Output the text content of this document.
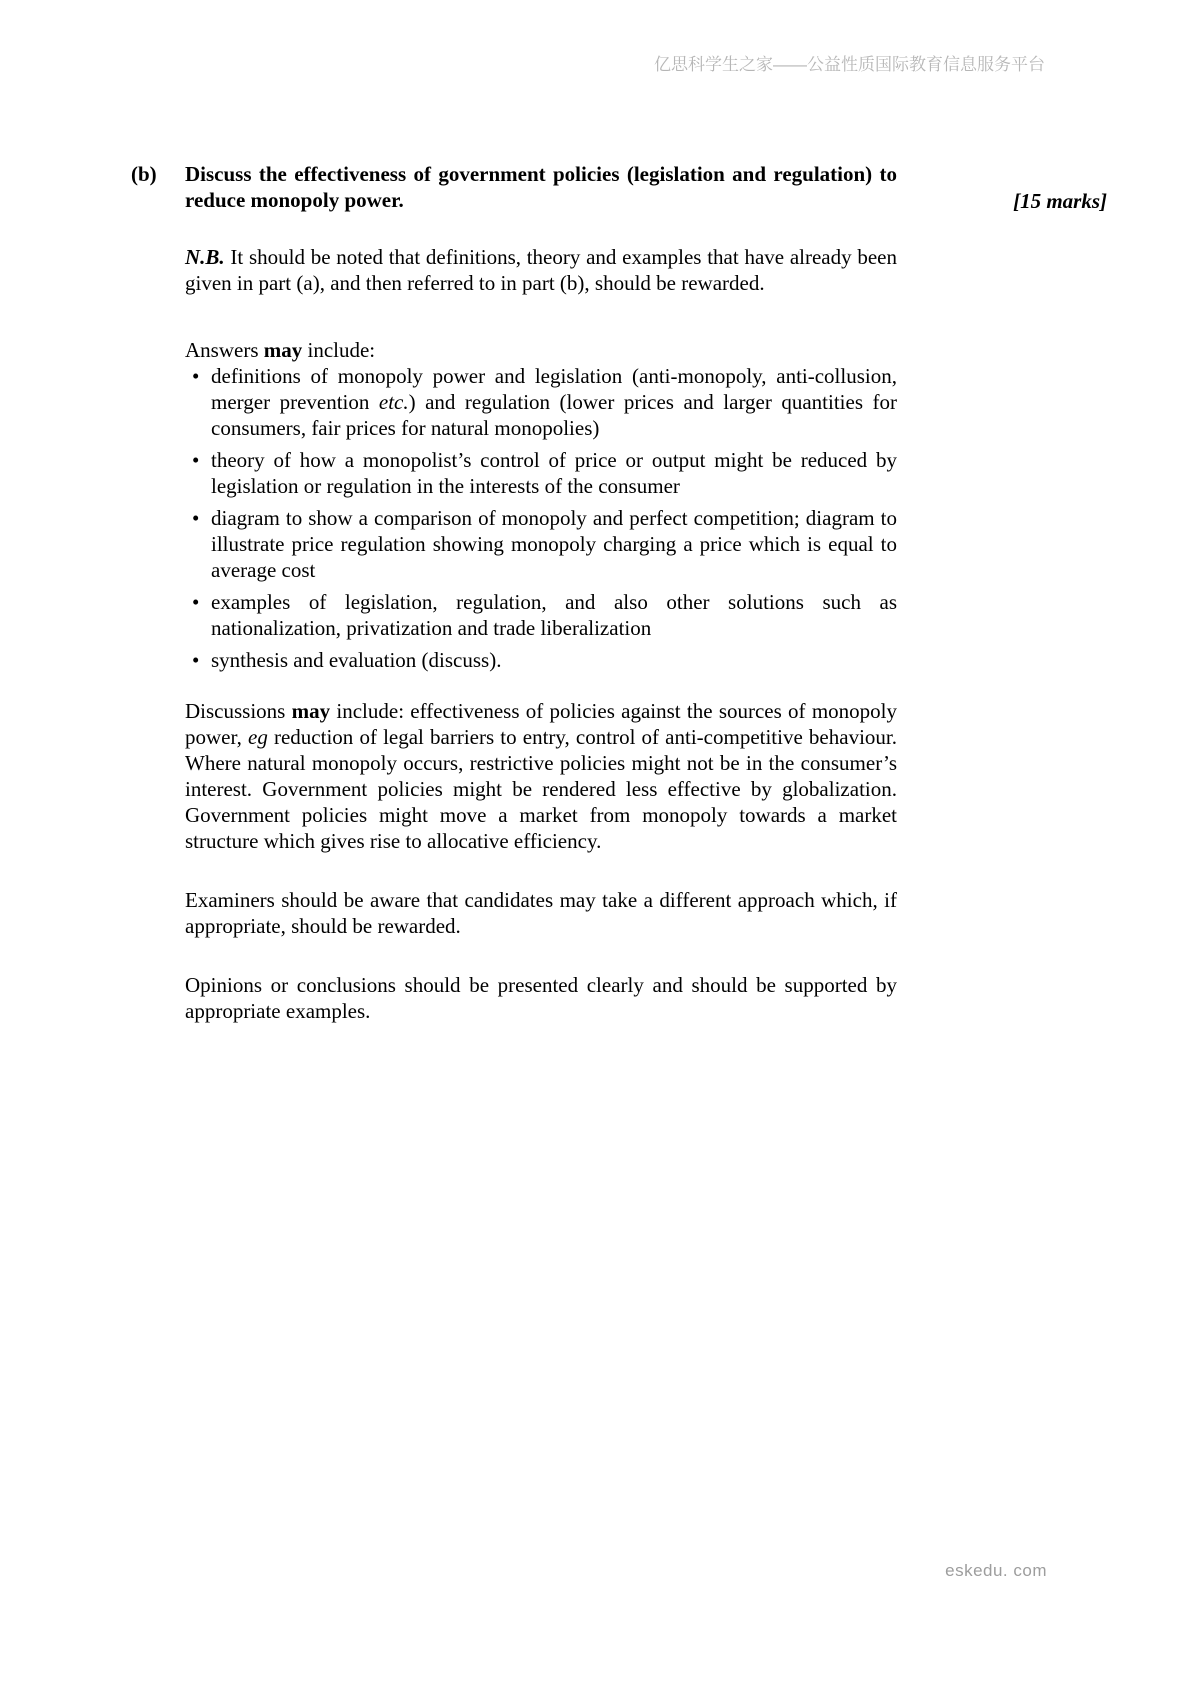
亿思科学生之家——公益性质国际教育信息服务平台
(b) Discuss the effectiveness of government policies (legislation and regulation) to reduce monopoly power.	[15 marks]

N.B. It should be noted that definitions, theory and examples that have already been given in part (a), and then referred to in part (b), should be rewarded.

Answers may include:

• definitions of monopoly power and legislation (anti-monopoly, anti-collusion, merger prevention etc.) and regulation (lower prices and larger quantities for consumers, fair prices for natural monopolies)
• theory of how a monopolist’s control of price or output might be reduced by legislation or regulation in the interests of the consumer
• diagram to show a comparison of monopoly and perfect competition; diagram to illustrate price regulation showing monopoly charging a price which is equal to average cost
• examples of legislation, regulation, and also other solutions such as nationalization, privatization and trade liberalization
• synthesis and evaluation (discuss).

Discussions may include: effectiveness of policies against the sources of monopoly power, eg reduction of legal barriers to entry, control of anti-competitive behaviour. Where natural monopoly occurs, restrictive policies might not be in the consumer’s interest. Government policies might be rendered less effective by globalization. Government policies might move a market from monopoly towards a market structure which gives rise to allocative efficiency.

Examiners should be aware that candidates may take a different approach which, if appropriate, should be rewarded.

Opinions or conclusions should be presented clearly and should be supported by appropriate examples.

eskedu. com
